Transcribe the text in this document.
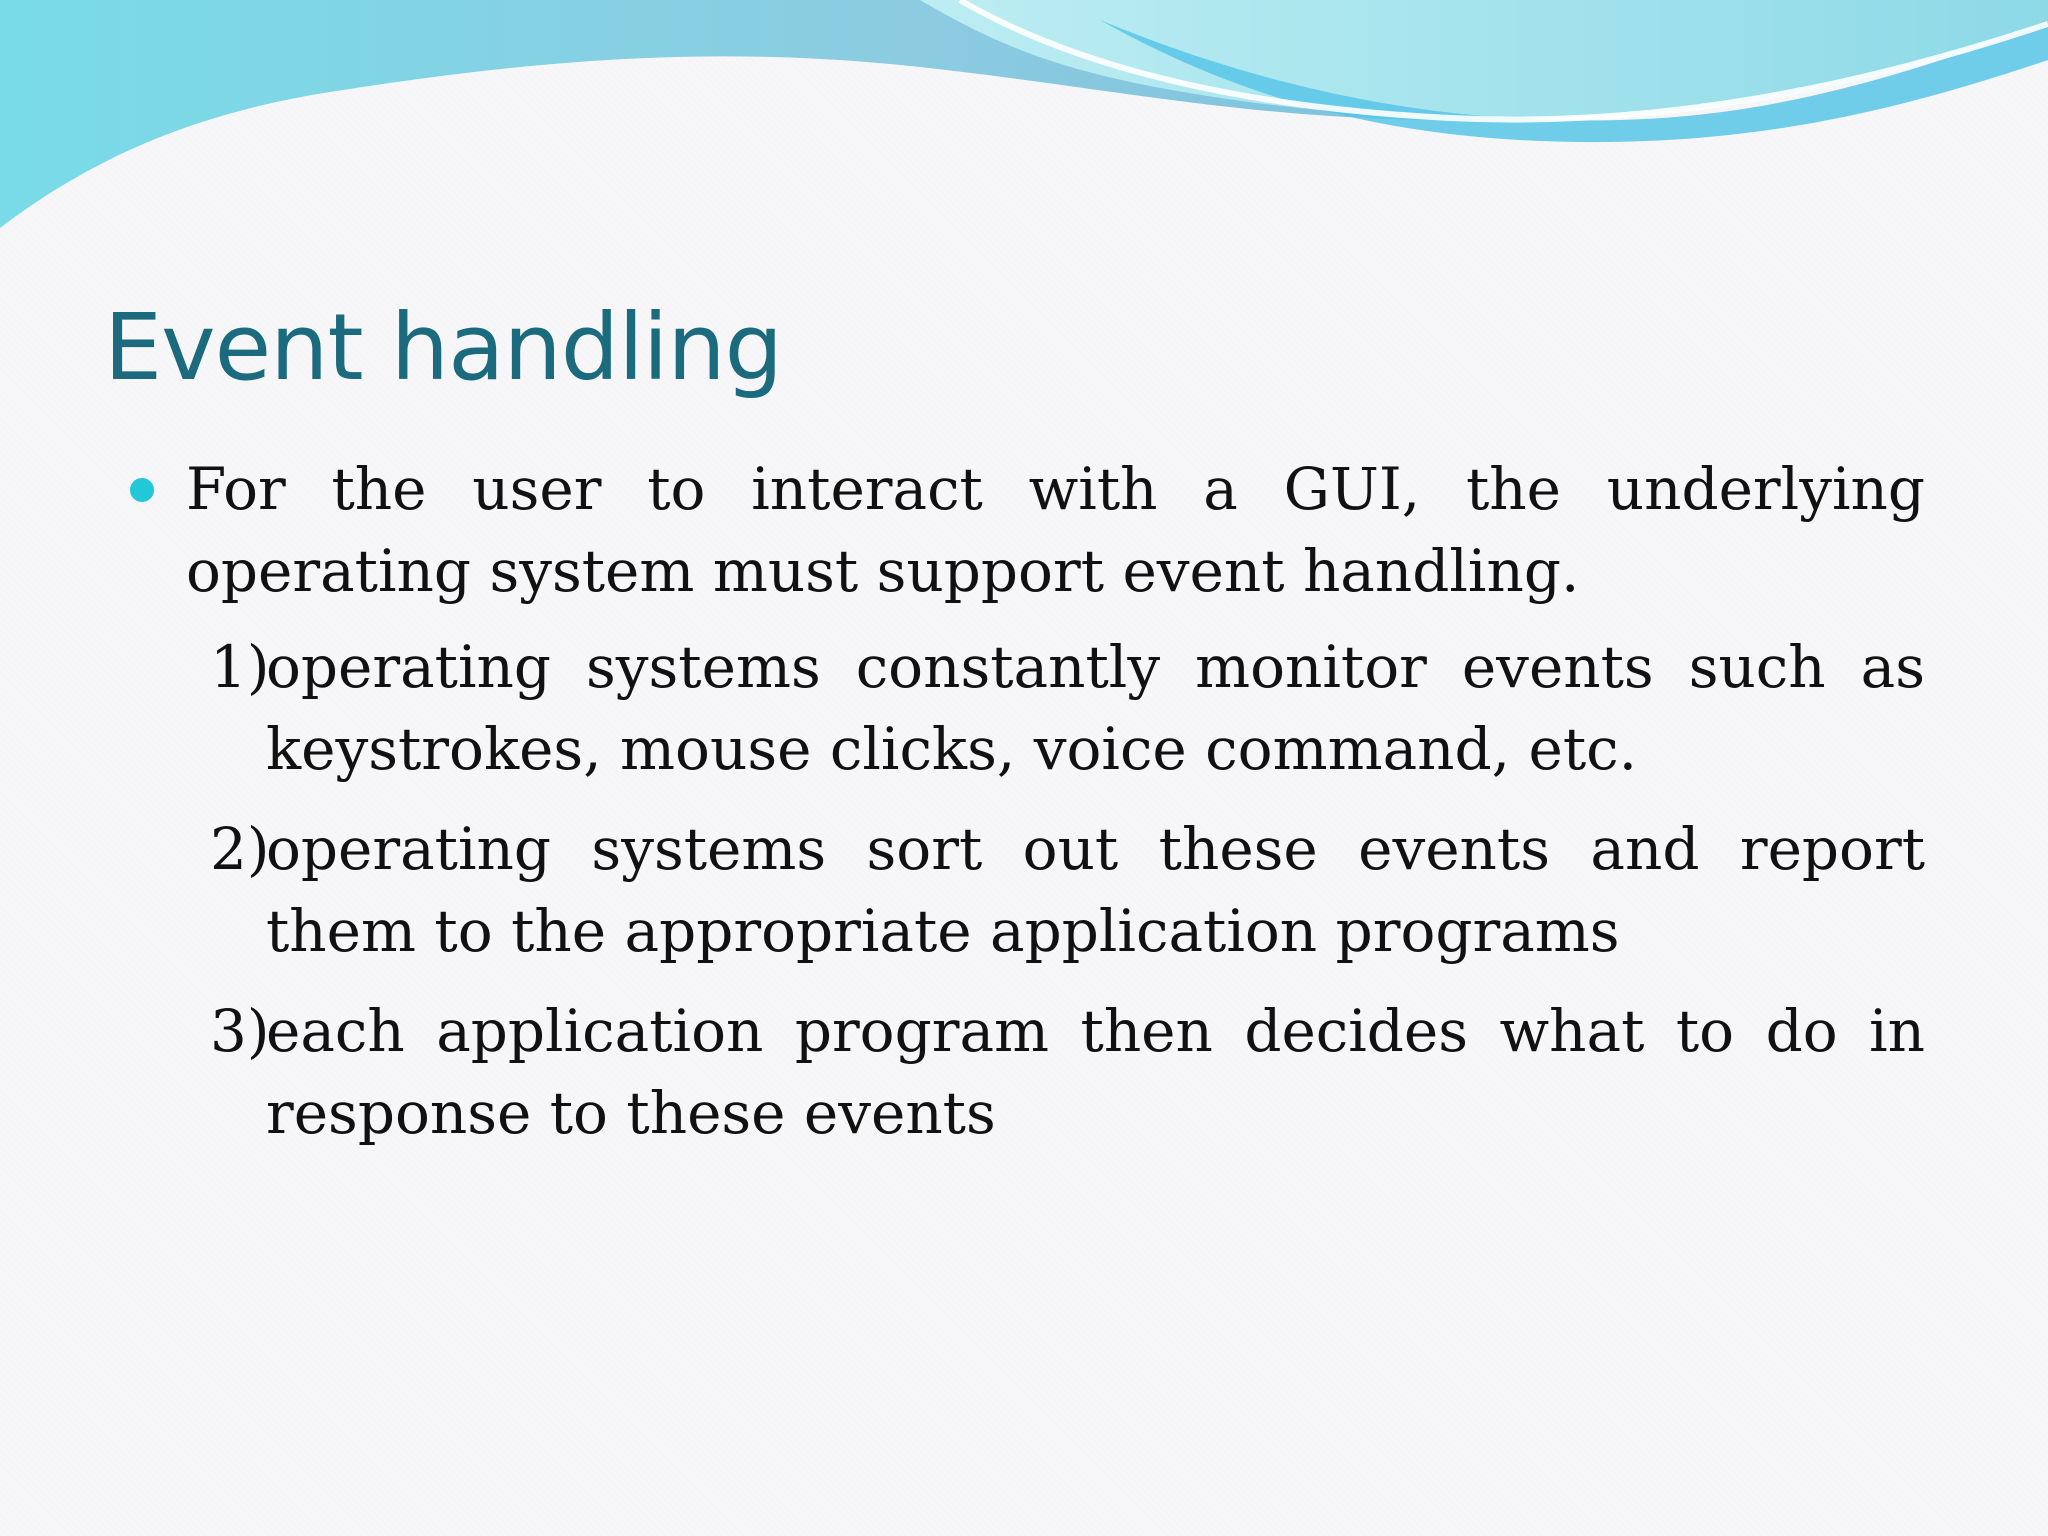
Event handling
For the user to interact with a GUI, the underlying operating system must support event handling.
1)
operating systems constantly monitor events such as keystrokes, mouse clicks, voice command, etc.
2)
operating systems sort out these events and report them to the appropriate application programs
3)
each application program then decides what to do in response to these events
